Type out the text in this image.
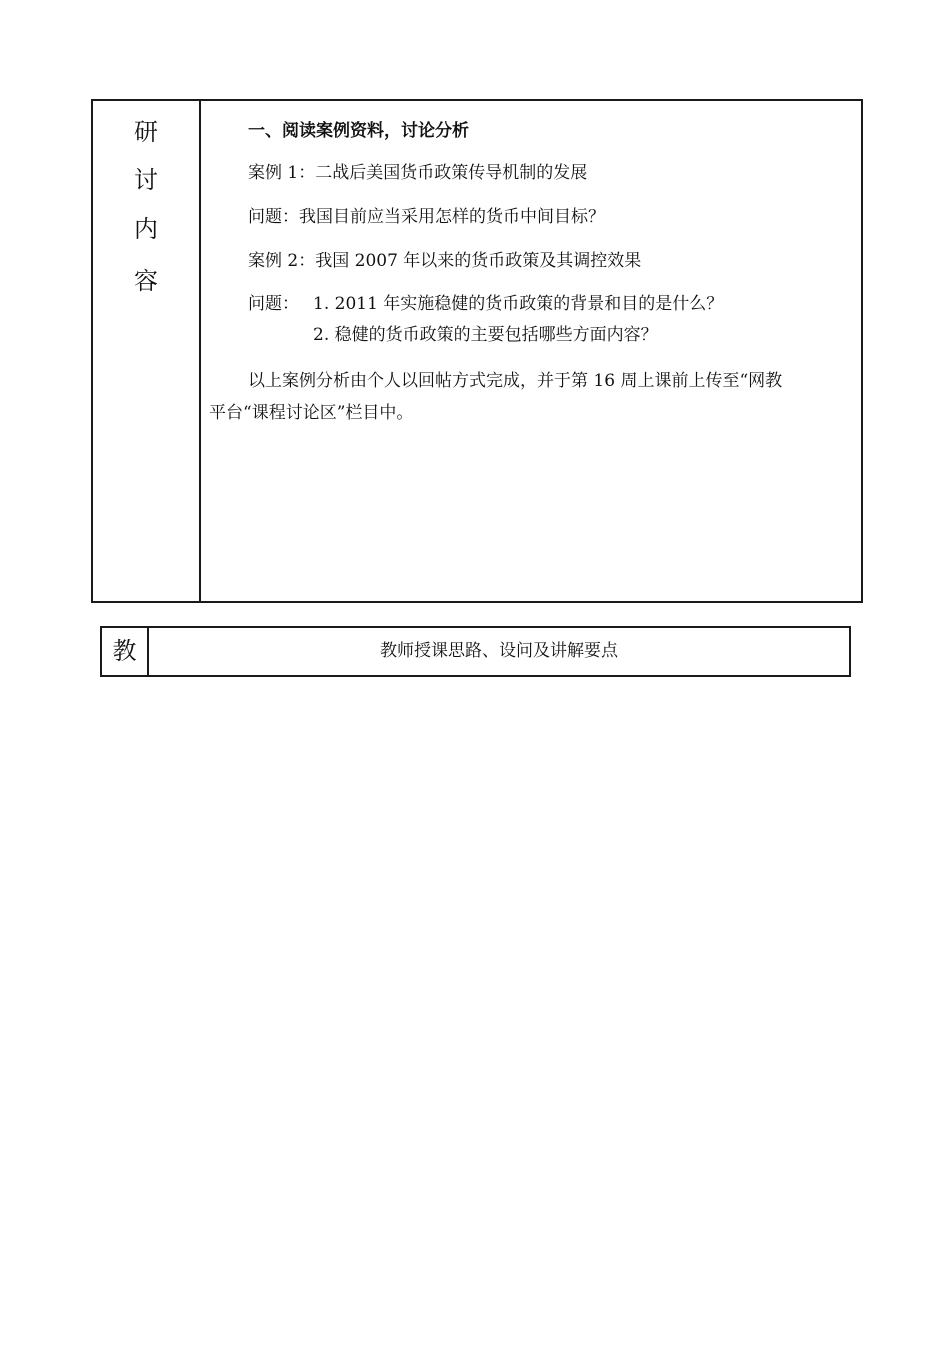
研
讨
内
容
一、阅读案例资料，讨论分析
案例 1：二战后美国货币政策传导机制的发展
问题：我国目前应当采用怎样的货币中间目标？
案例 2：我国 2007 年以来的货币政策及其调控效果
问题： 1. 2011 年实施稳健的货币政策的背景和目的是什么？
2. 稳健的货币政策的主要包括哪些方面内容？
以上案例分析由个人以回帖方式完成，并于第 16 周上课前上传至“网教
平台“课程讨论区”栏目中。
教	教师授课思路、设问及讲解要点
